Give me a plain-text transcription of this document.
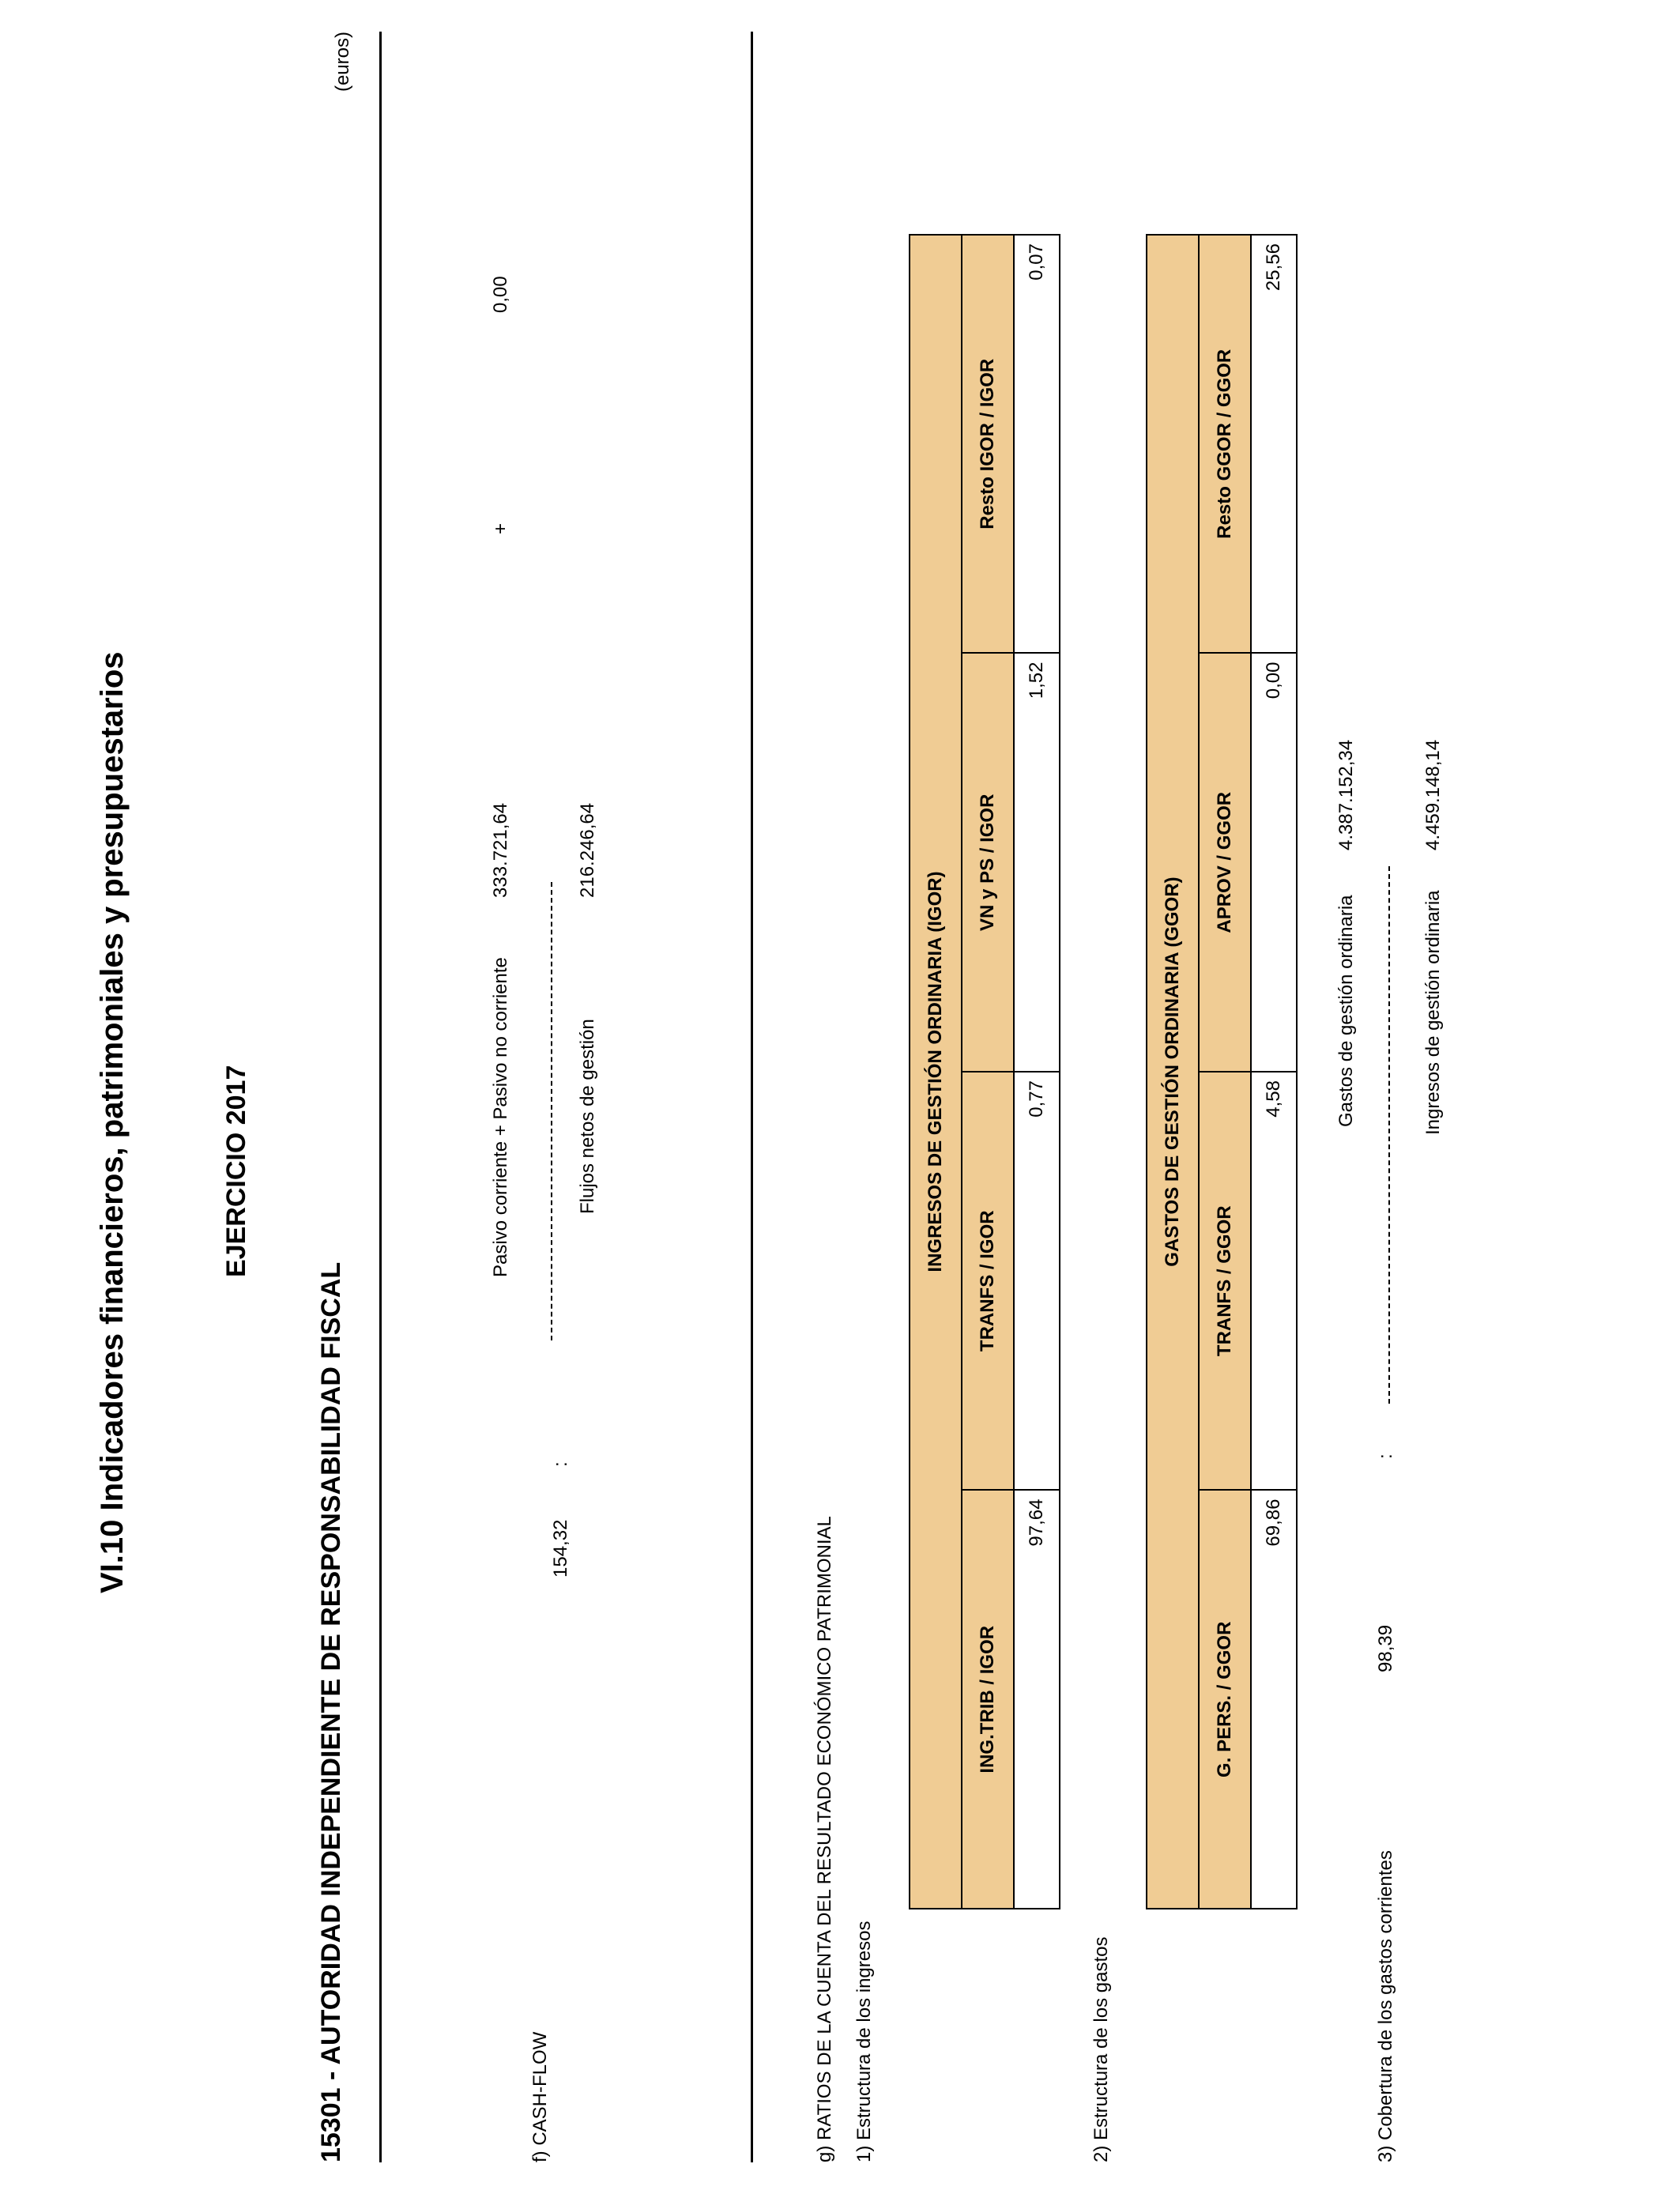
VI.10 Indicadores financieros, patrimoniales y presupuestarios	EJERCICIO 2017
15301 - AUTORIDAD INDEPENDIENTE DE RESPONSABILIDAD FISCAL
(euros)
f) CASH-FLOW
154,32
:
Pasivo corriente + Pasivo no corriente	Flujos netos de gestión
333.721,64
+
0,00
216.246,64
g) RATIOS DE LA CUENTA DEL RESULTADO ECONÓMICO PATRIMONIAL 1) Estructura de los ingresos
INGRESOS DE GESTIÓN ORDINARIA (IGOR)			
ING.TRIB / IGOR	TRANFS / IGOR	VN y PS / IGOR	Resto IGOR / IGOR
97,64	0,77	1,52	0,07
2) Estructura de los gastos
GASTOS DE GESTIÓN ORDINARIA (GGOR)			
G. PERS. / GGOR	TRANFS / GGOR	APROV / GGOR	Resto GGOR / GGOR
69,86	4,58	0,00	25,56
3) Cobertura de los gastos corrientes
98,39
:
Gastos de gestión ordinaria	Ingresos de gestión ordinaria
4.387.152,34	4.459.148,14
